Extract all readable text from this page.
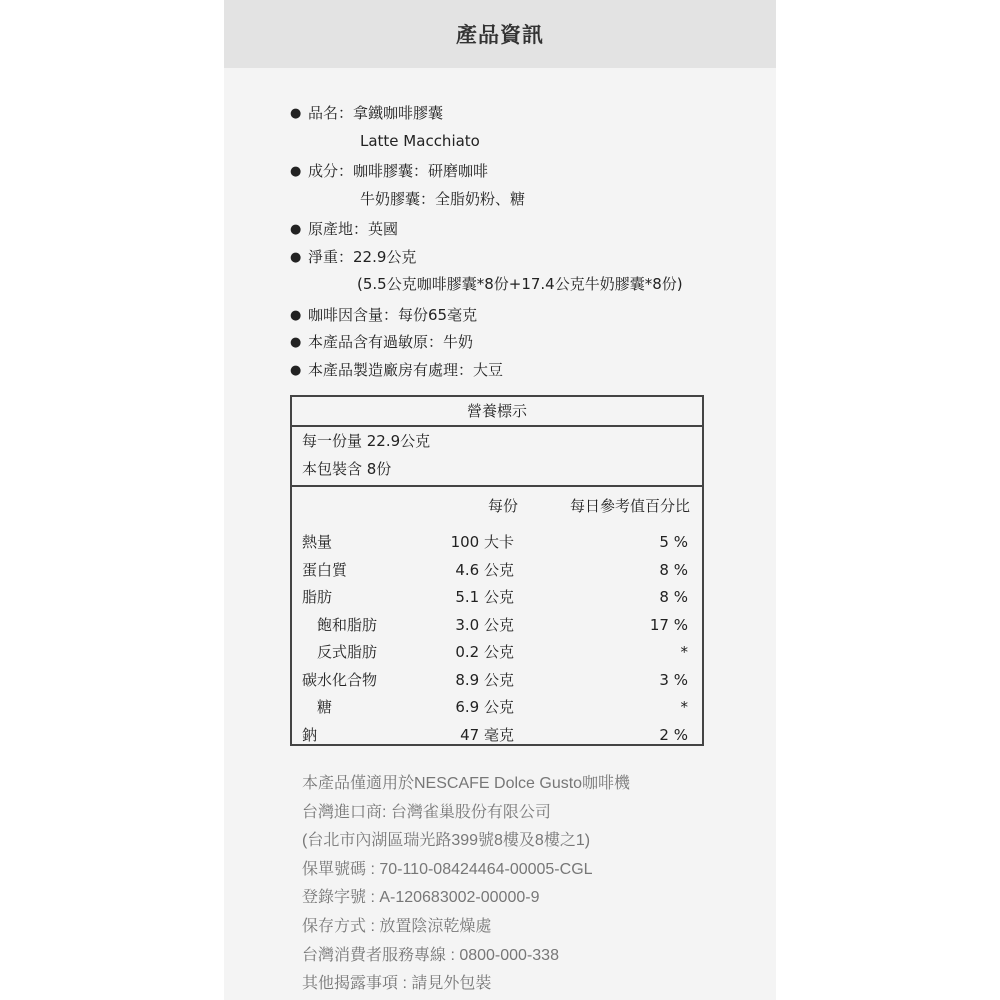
產品資訊
● 品名：拿鐵咖啡膠囊
Latte Macchiato
● 成分：咖啡膠囊：研磨咖啡
牛奶膠囊：全脂奶粉、糖
● 原產地：英國
● 淨重：22.9公克
(5.5公克咖啡膠囊*8份+17.4公克牛奶膠囊*8份)
● 咖啡因含量：每份65毫克
● 本產品含有過敏原：牛奶
● 本產品製造廠房有處理：大豆
營養標示
每一份量 22.9公克
本包裝含 8份
每份	每日參考值百分比
熱量	100 大卡	5 %
蛋白質	4.6 公克	8 %
脂肪	5.1 公克	8 %
飽和脂肪	3.0 公克	17 %
反式脂肪	0.2 公克	*
碳水化合物	8.9 公克	3 %
糖	6.9 公克	*
鈉	47 毫克	2 %
本產品僅適用於NESCAFE Dolce Gusto咖啡機
台灣進口商: 台灣雀巢股份有限公司
(台北市內湖區瑞光路399號8樓及8樓之1)
保單號碼 : 70-110-08424464-00005-CGL
登錄字號 : A-120683002-00000-9
保存方式 : 放置陰涼乾燥處
台灣消費者服務專線 : 0800-000-338
其他揭露事項 : 請見外包裝
